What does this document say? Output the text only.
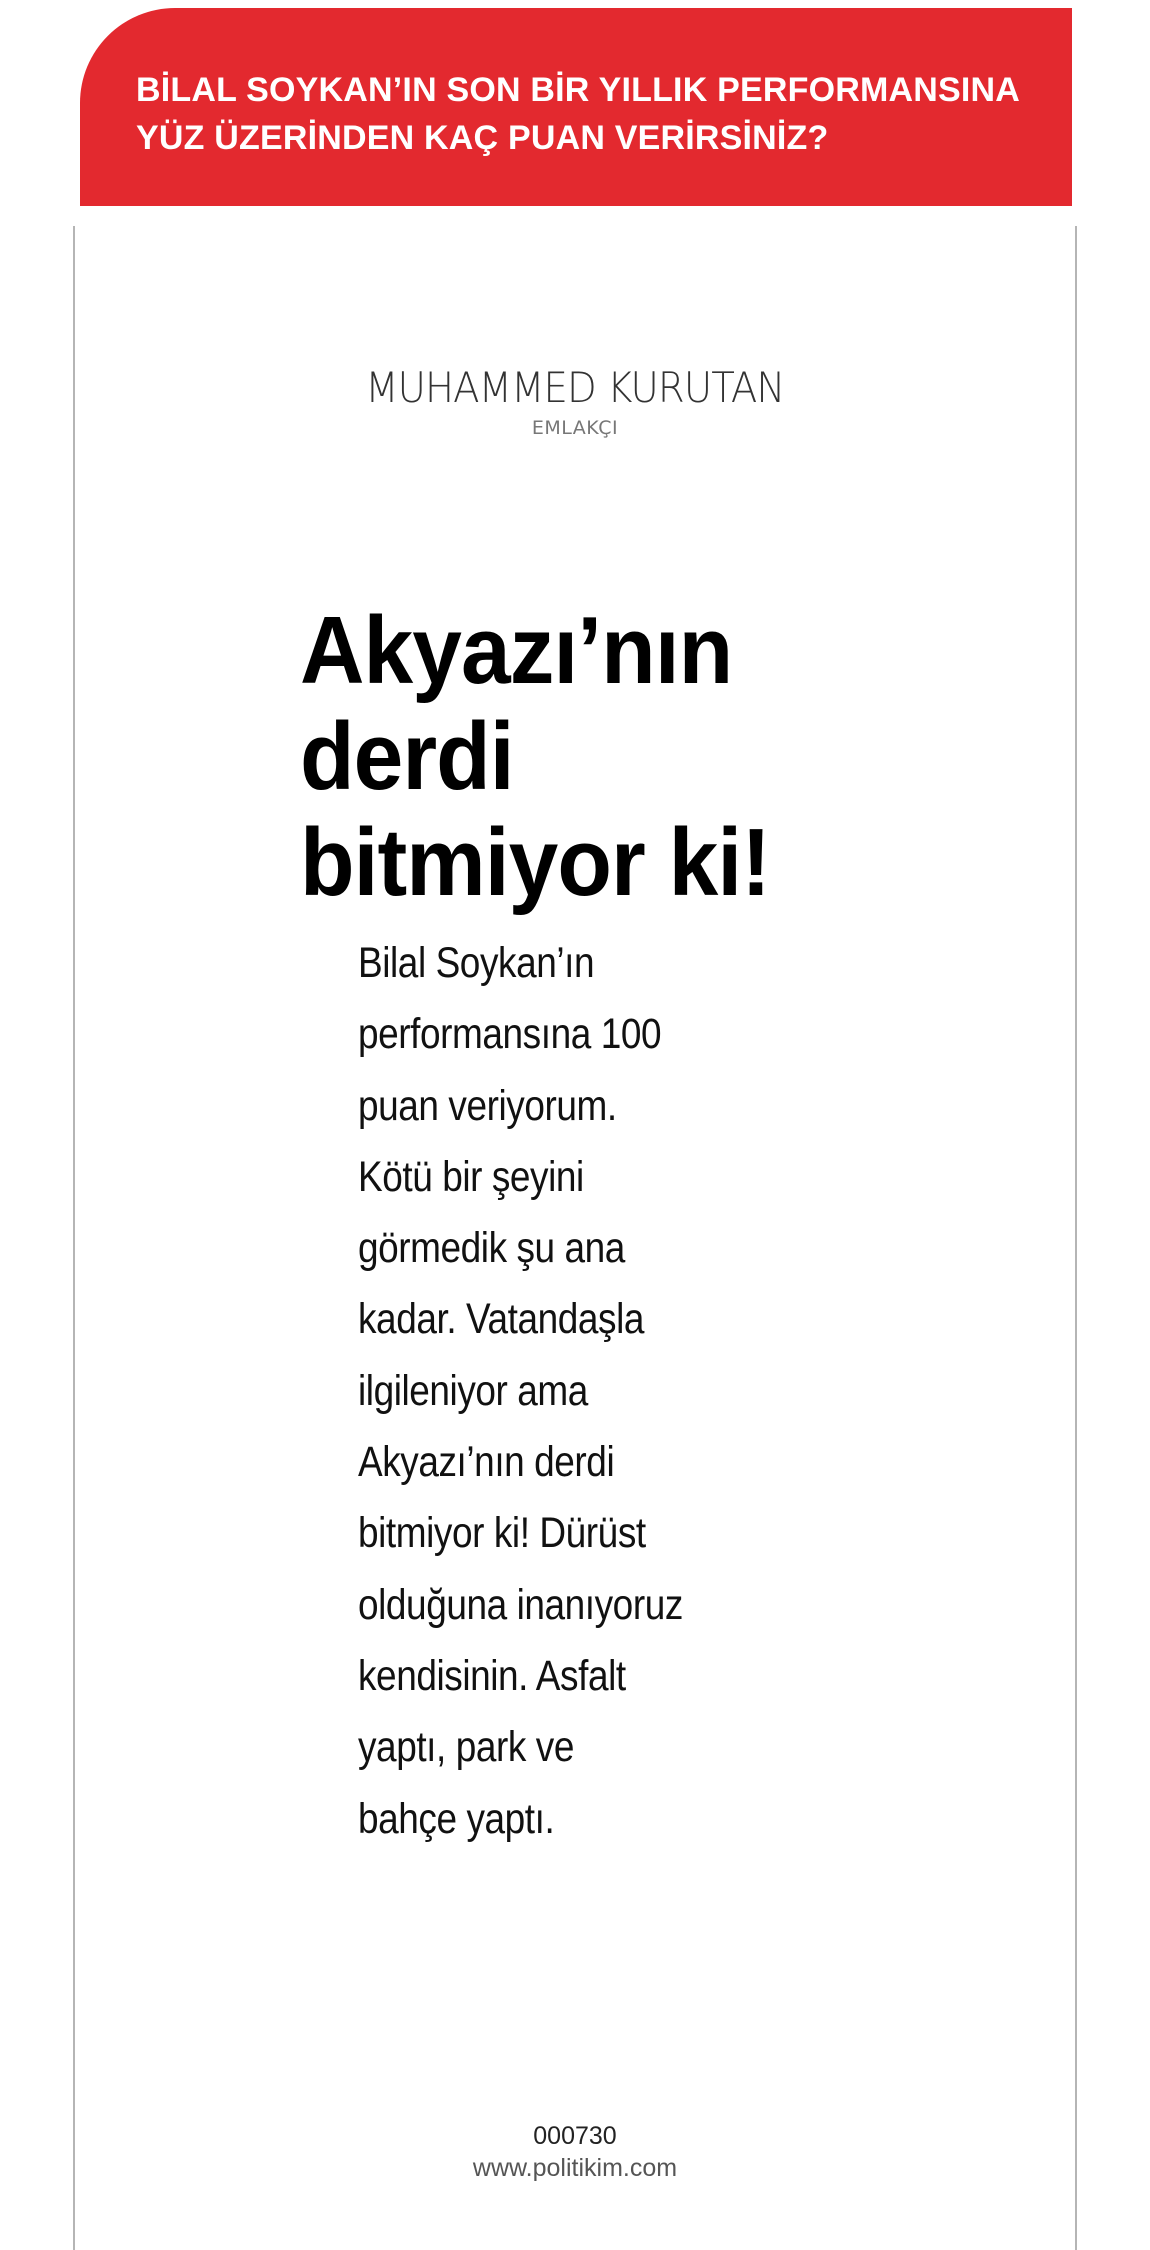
BİLAL SOYKAN’IN SON BİR YILLIK PERFORMANSINA
YÜZ ÜZERİNDEN KAÇ PUAN VERİRSİNİZ?

MUHAMMED KURUTAN
EMLAKÇI
Akyazı’nın
derdi
bitmiyor ki!

Bilal Soykan’ın
performansına 100
puan veriyorum.
Kötü bir şeyini
görmedik şu ana
kadar. Vatandaşla
ilgileniyor ama
Akyazı’nın derdi
bitmiyor ki! Dürüst
olduğuna inanıyoruz
kendisinin. Asfalt
yaptı, park ve
bahçe yaptı.

000730
www.politikim.com
